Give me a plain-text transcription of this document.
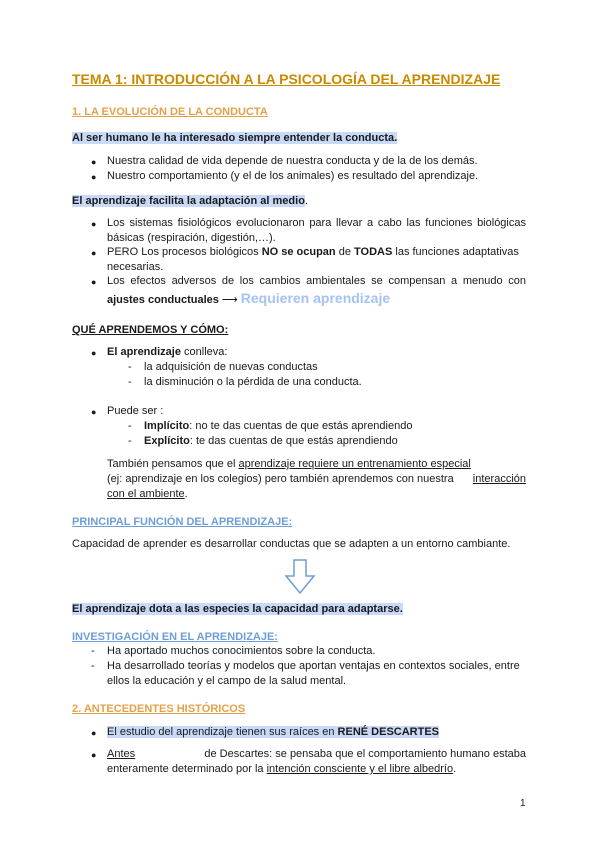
TEMA 1: INTRODUCCIÓN A LA PSICOLOGÍA DEL APRENDIZAJE
1. LA EVOLUCIÓN DE LA CONDUCTA
Al ser humano le ha interesado siempre entender la conducta.
● Nuestra calidad de vida depende de nuestra conducta y de la de los demás.
● Nuestro comportamiento (y el de los animales) es resultado del aprendizaje.
El aprendizaje facilita la adaptación al medio.
● Los sistemas fisiológicos evolucionaron para llevar a cabo las funciones biológicas
básicas (respiración, digestión,…).
● PERO Los procesos biológicos NO se ocupan de TODAS las funciones adaptativas
necesarias.
● Los efectos adversos de los cambios ambientales se compensan a menudo con
ajustes conductuales ⟶ Requieren aprendizaje
QUÉ APRENDEMOS Y CÓMO:
● El aprendizaje conlleva:
- la adquisición de nuevas conductas
- la disminución o la pérdida de una conducta.
● Puede ser :
- Implícito: no te das cuentas de que estás aprendiendo
- Explícito: te das cuentas de que estás aprendiendo
También pensamos que el aprendizaje requiere un entrenamiento especial
(ej: aprendizaje en los colegios) pero también aprendemos con nuestra interacción
con el ambiente.
PRINCIPAL FUNCIÓN DEL APRENDIZAJE:
Capacidad de aprender es desarrollar conductas que se adapten a un entorno cambiante.
El aprendizaje dota a las especies la capacidad para adaptarse.
INVESTIGACIÓN EN EL APRENDIZAJE:
- Ha aportado muchos conocimientos sobre la conducta.
- Ha desarrollado teorías y modelos que aportan ventajas en contextos sociales, entre
ellos la educación y el campo de la salud mental.
2. ANTECEDENTES HISTÓRICOS
● El estudio del aprendizaje tienen sus raíces en RENÉ DESCARTES
● Antes	de Descartes: se pensaba que el comportamiento humano estaba
enteramente determinado por la intención consciente y el libre albedrío.
1
